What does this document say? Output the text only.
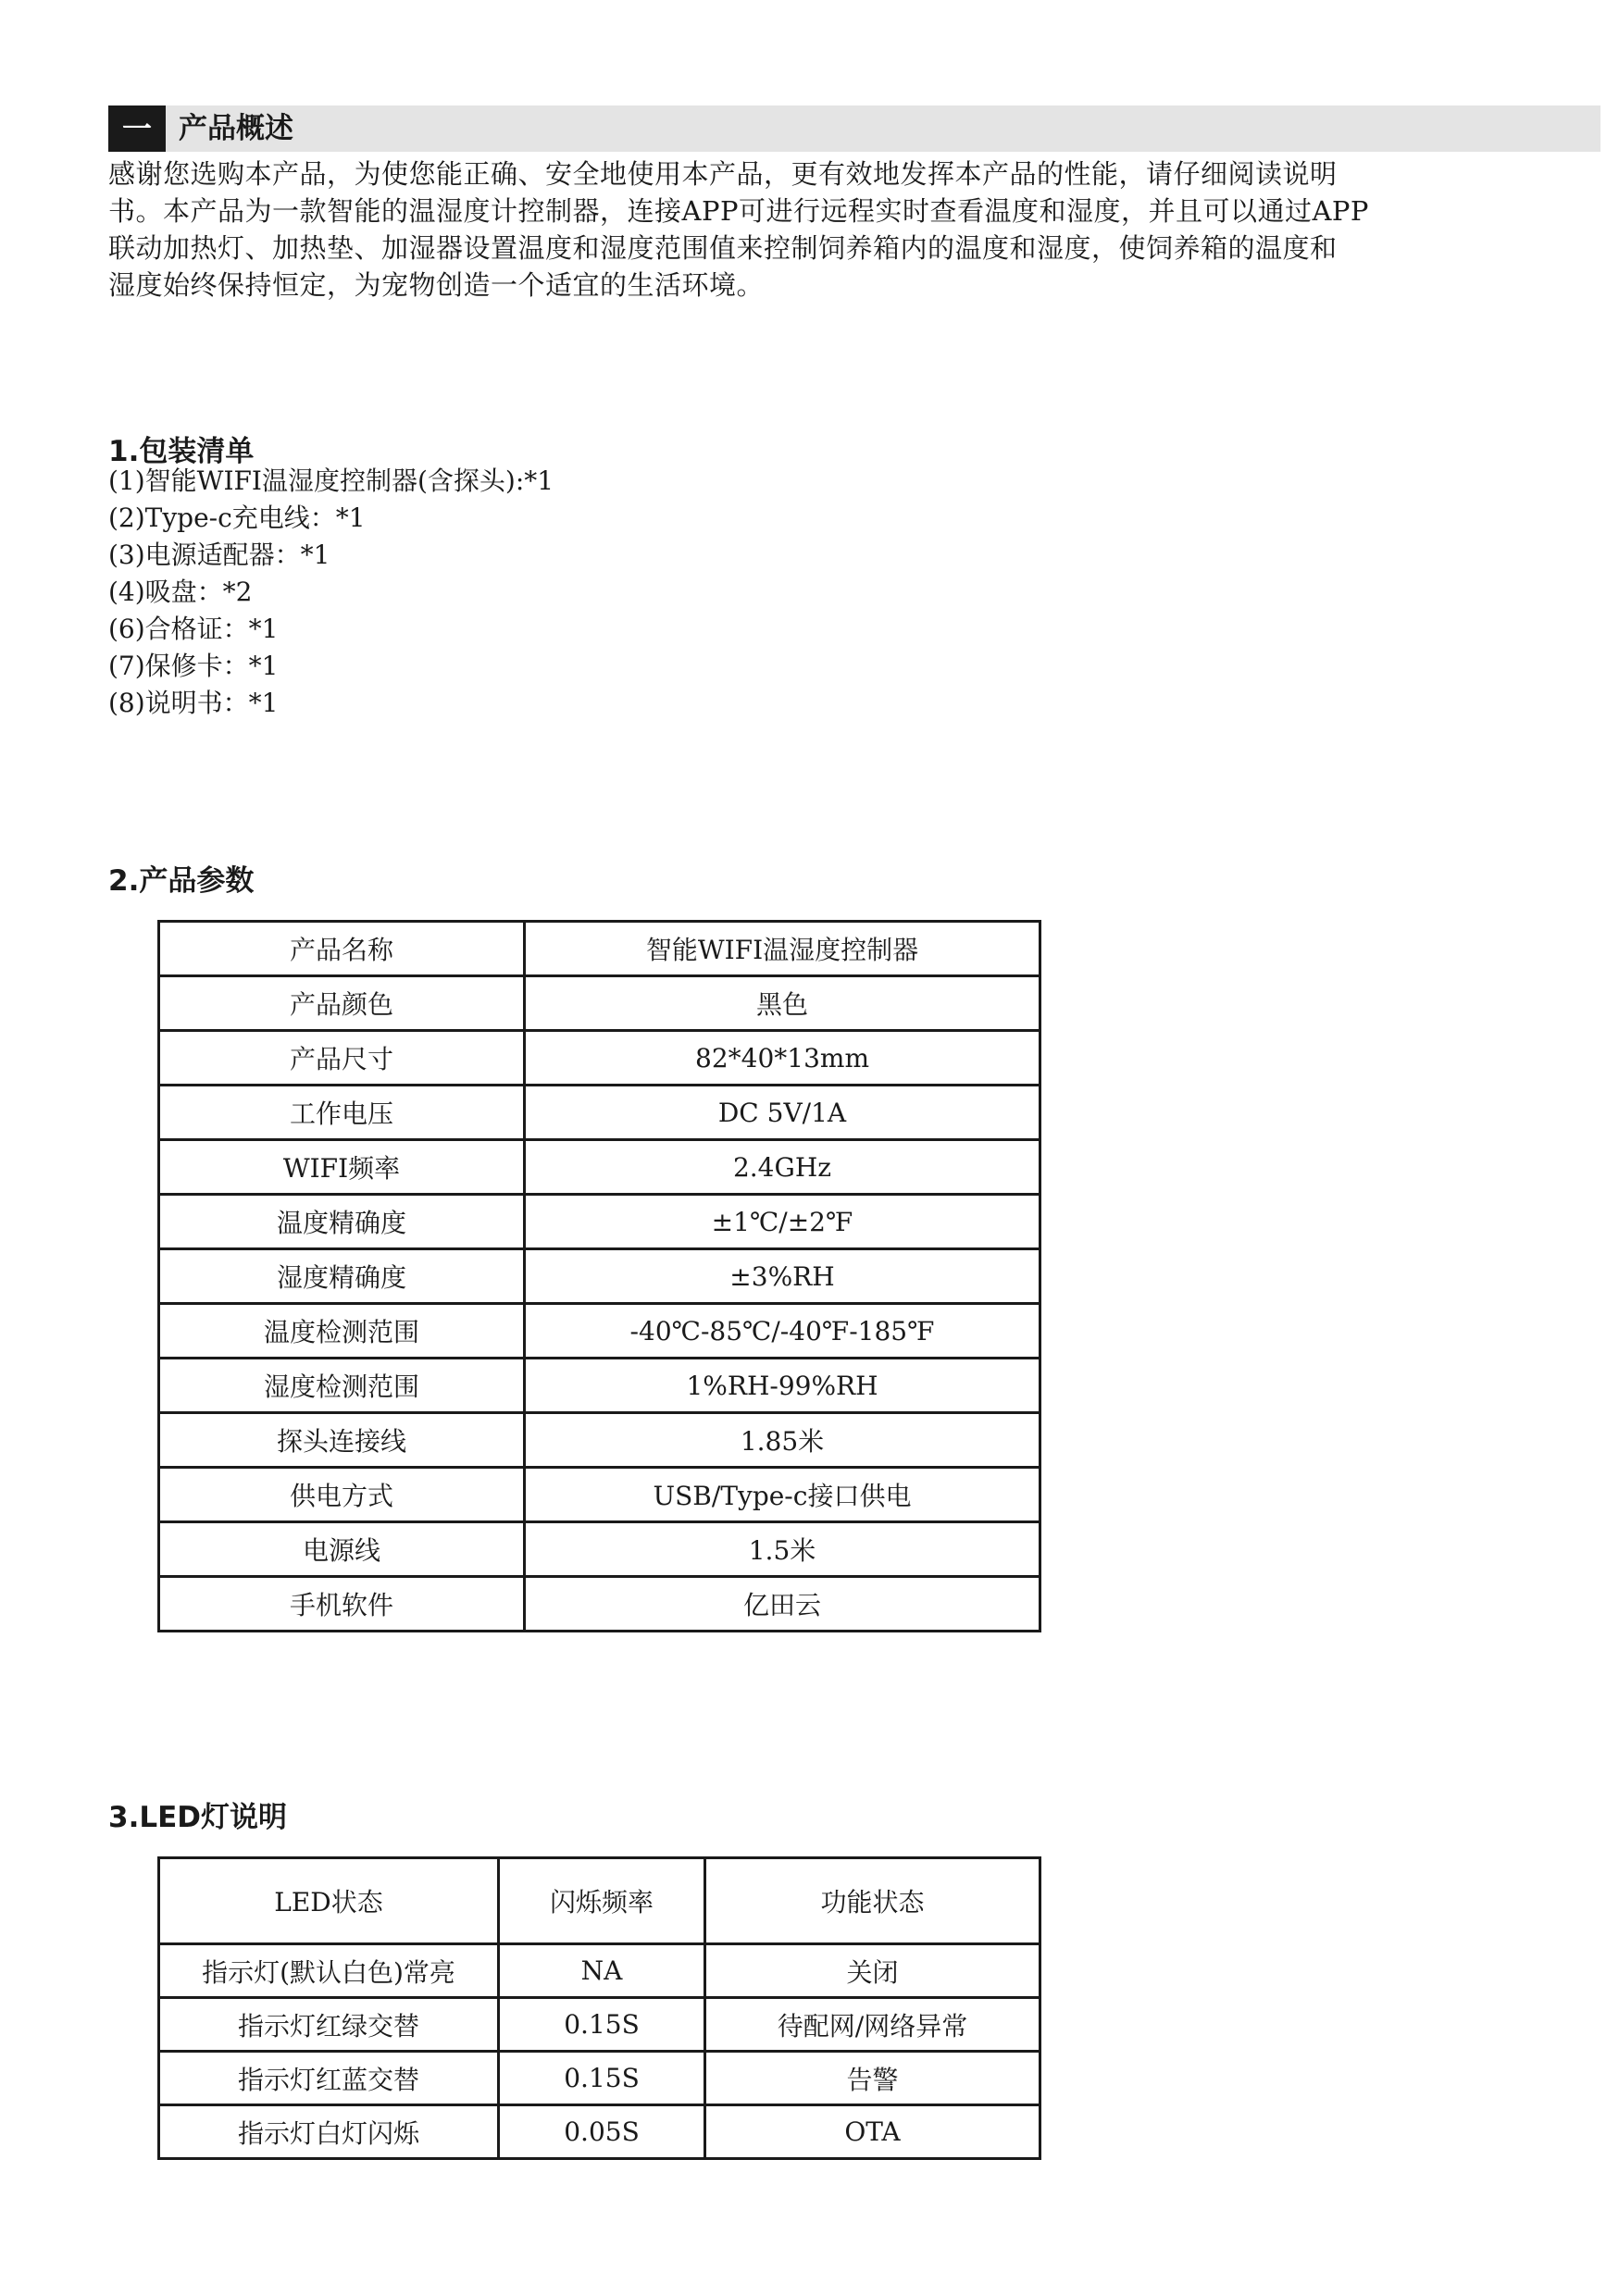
一 产品概述

感谢您选购本产品，为使您能正确、安全地使用本产品，更有效地发挥本产品的性能，请仔细阅读说明

书。本产品为一款智能的温湿度计控制器，连接APP可进行远程实时查看温度和湿度，并且可以通过APP

联动加热灯、加热垫、加湿器设置温度和湿度范围值来控制饲养箱内的温度和湿度，使饲养箱的温度和

湿度始终保持恒定，为宠物创造一个适宜的生活环境。

1.包装清单
(1)智能WIFI温湿度控制器(含探头):*1
(2)Type-c充电线：*1
(3)电源适配器：*1
(4)吸盘：*2
(6)合格证：*1
(7)保修卡：*1
(8)说明书：*1
2.产品参数
产品名称	智能WIFI温湿度控制器
产品颜色	黑色
产品尺寸	82*40*13mm
工作电压	DC 5V/1A
WIFI频率	2.4GHz
温度精确度	±1℃/±2℉
湿度精确度	±3%RH
温度检测范围	-40℃-85℃/-40℉-185℉
湿度检测范围	1%RH-99%RH
探头连接线	1.85米
供电方式	USB/Type-c接口供电
电源线	1.5米
手机软件	亿田云
3.LED灯说明
LED状态	闪烁频率	功能状态
指示灯(默认白色)常亮	NA	关闭
指示灯红绿交替	0.15S	待配网/网络异常
指示灯红蓝交替	0.15S	告警
指示灯白灯闪烁	0.05S	OTA
